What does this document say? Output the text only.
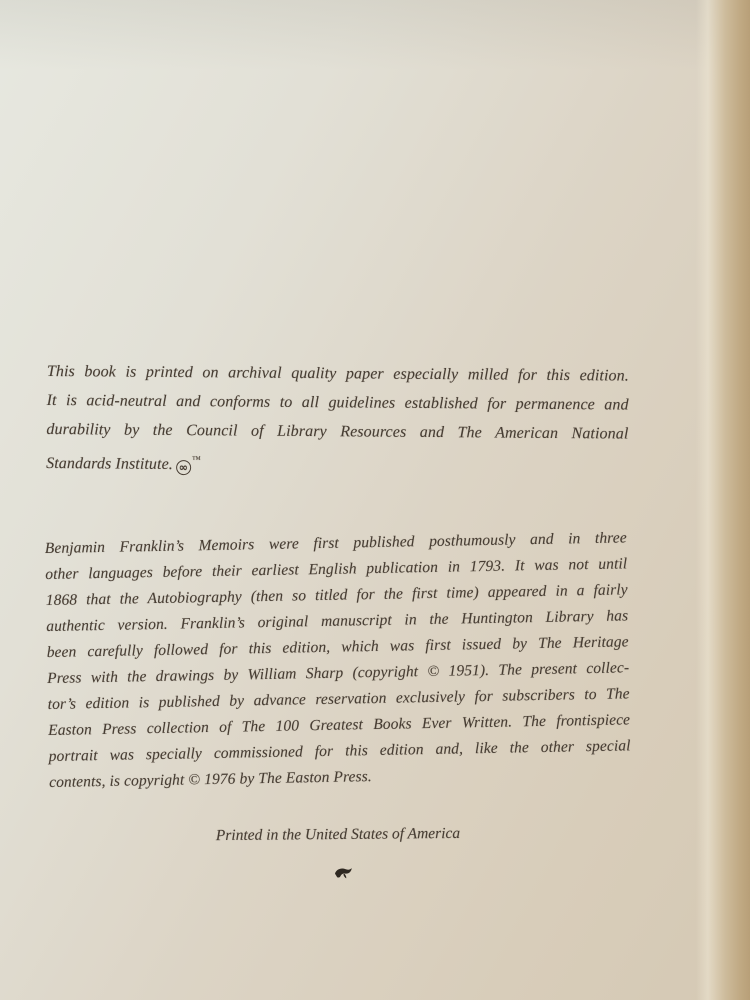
This book is printed on archival quality paper especially milled for this edition.
It is acid-neutral and conforms to all guidelines established for permanence and
durability by the Council of Library Resources and The American National
Standards Institute. ∞™
Benjamin Franklin’s Memoirs were first published posthumously and in three
other languages before their earliest English publication in 1793. It was not until
1868 that the Autobiography (then so titled for the first time) appeared in a fairly
authentic version. Franklin’s original manuscript in the Huntington Library has
been carefully followed for this edition, which was first issued by The Heritage
Press with the drawings by William Sharp (copyright © 1951). The present collec-
tor’s edition is published by advance reservation exclusively for subscribers to The
Easton Press collection of The 100 Greatest Books Ever Written. The frontispiece
portrait was specially commissioned for this edition and, like the other special
contents, is copyright © 1976 by The Easton Press.
Printed in the United States of America
